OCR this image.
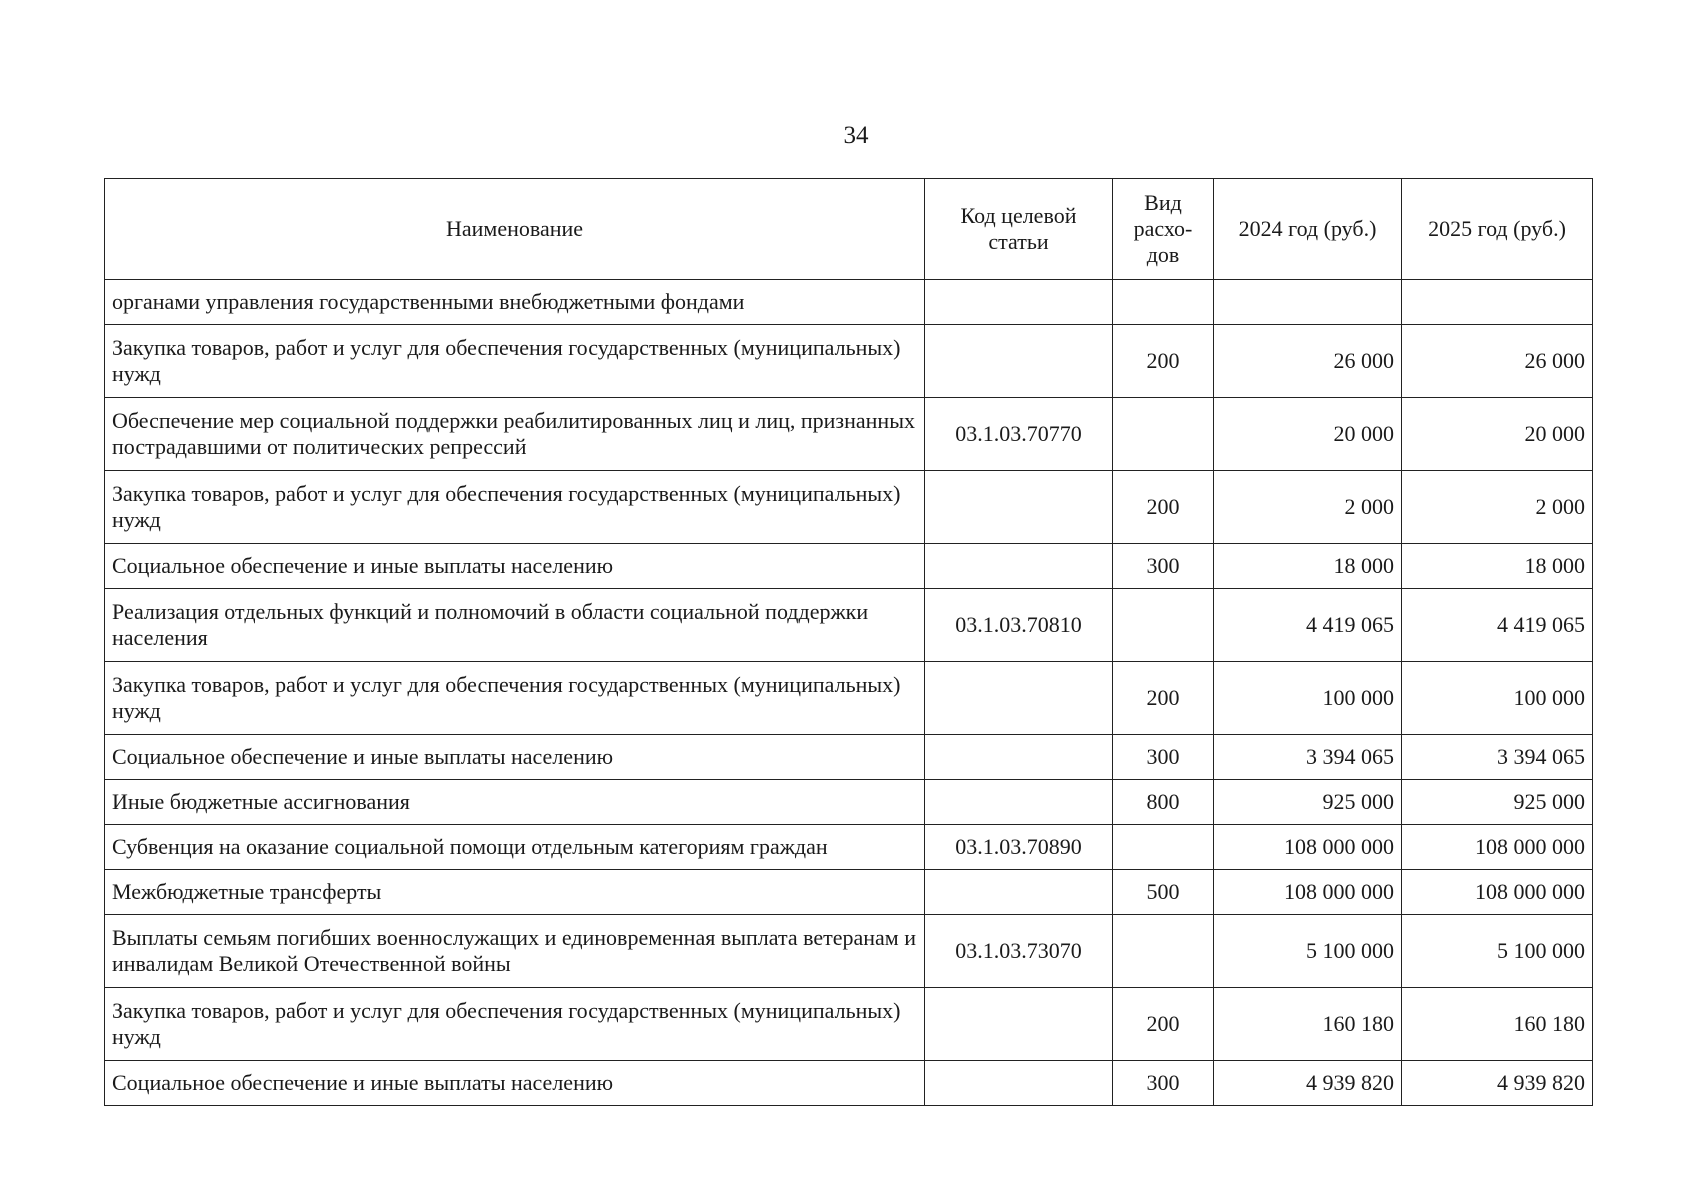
34
Наименование	Код целевой статьи	Вид расхо-дов	2024 год (руб.)	2025 год (руб.)
органами управления государственными внебюджетными фондами				
Закупка товаров, работ и услуг для обеспечения государственных (муниципальных) нужд		200	26 000	26 000
Обеспечение мер социальной поддержки реабилитированных лиц и лиц, признанных пострадавшими от политических репрессий	03.1.03.70770		20 000	20 000
Закупка товаров, работ и услуг для обеспечения государственных (муниципальных) нужд		200	2 000	2 000
Социальное обеспечение и иные выплаты населению		300	18 000	18 000
Реализация отдельных функций и полномочий в области социальной поддержки населения	03.1.03.70810		4 419 065	4 419 065
Закупка товаров, работ и услуг для обеспечения государственных (муниципальных) нужд		200	100 000	100 000
Социальное обеспечение и иные выплаты населению		300	3 394 065	3 394 065
Иные бюджетные ассигнования		800	925 000	925 000
Субвенция на оказание социальной помощи отдельным категориям граждан	03.1.03.70890		108 000 000	108 000 000
Межбюджетные трансферты		500	108 000 000	108 000 000
Выплаты семьям погибших военнослужащих и единовременная выплата ветеранам и инвалидам Великой Отечественной войны	03.1.03.73070		5 100 000	5 100 000
Закупка товаров, работ и услуг для обеспечения государственных (муниципальных) нужд		200	160 180	160 180
Социальное обеспечение и иные выплаты населению		300	4 939 820	4 939 820
